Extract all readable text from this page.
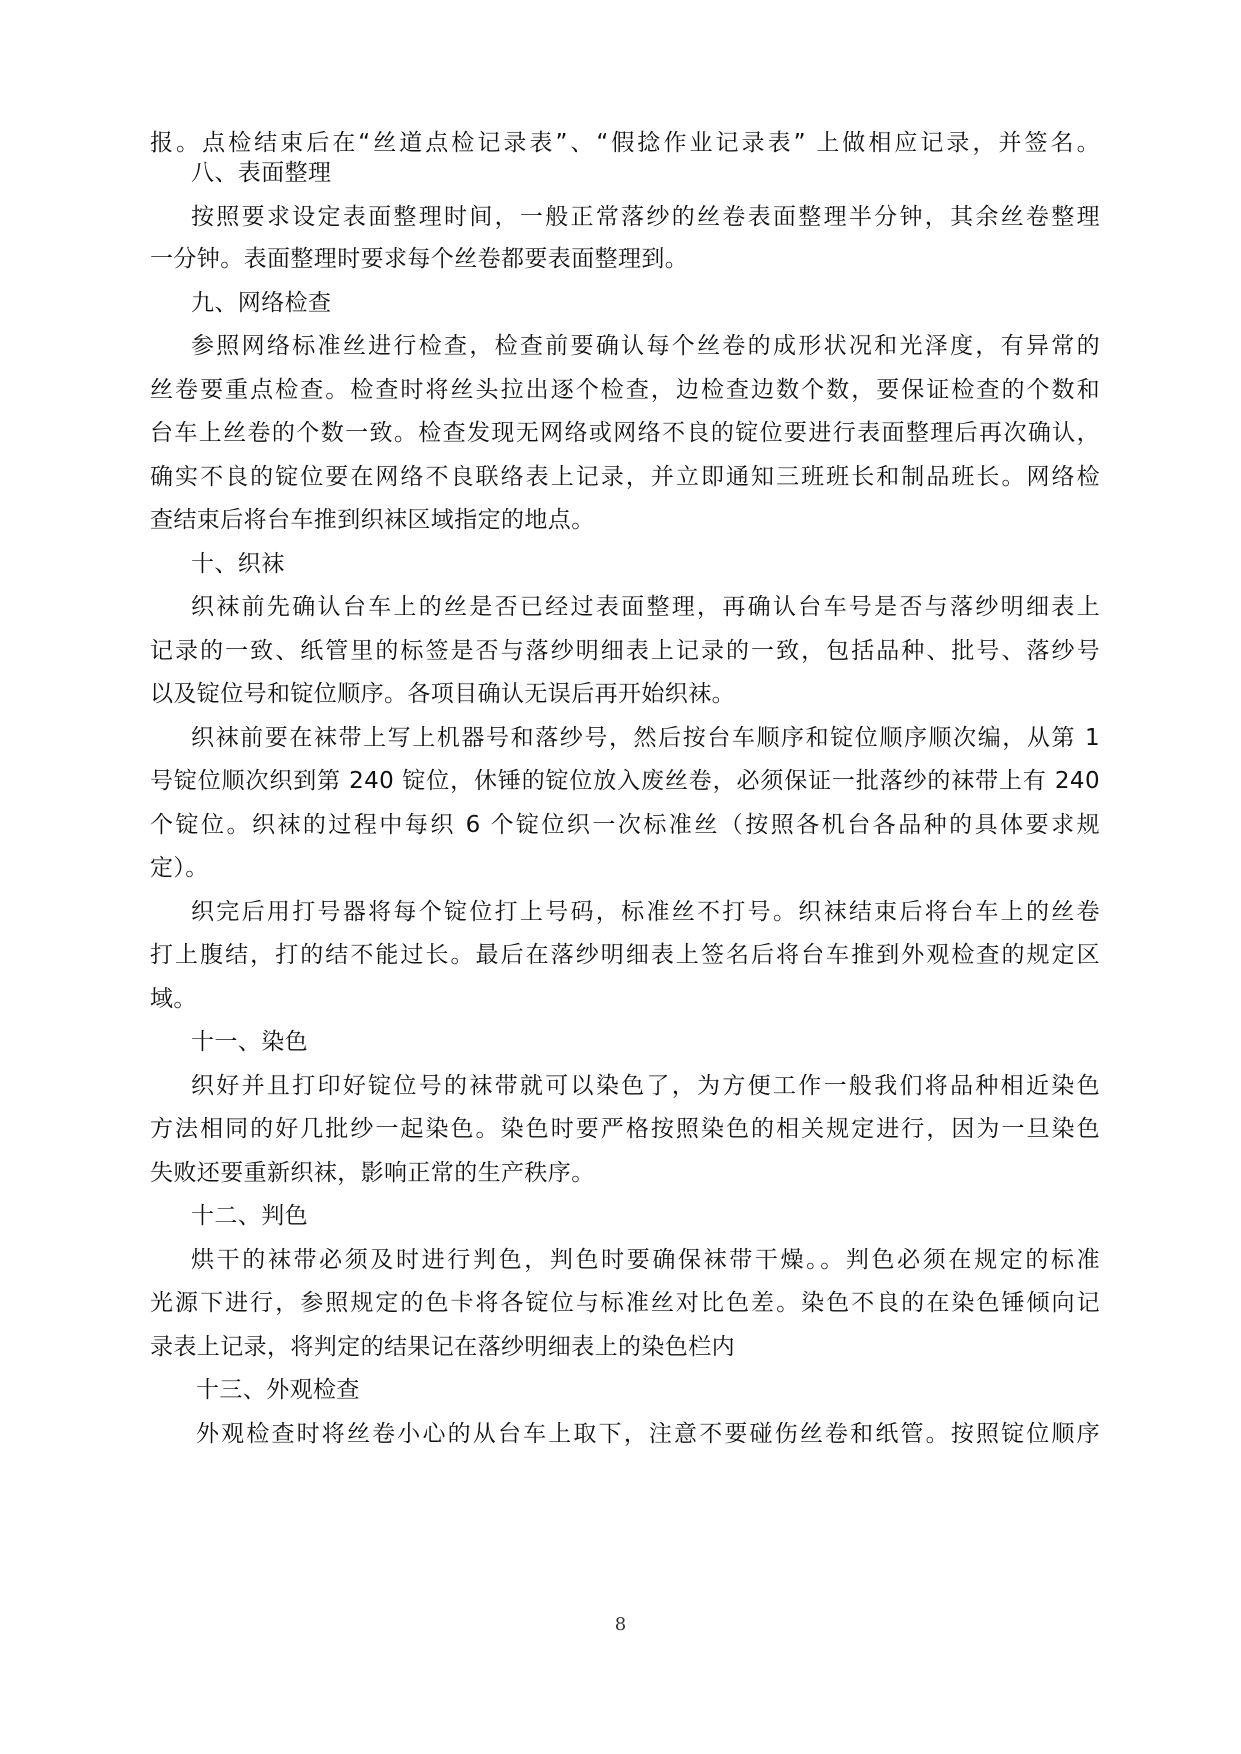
报。点检结束后在“丝道点检记录表”、“假捻作业记录表” 上做相应记录，并签名。
八、表面整理
按照要求设定表面整理时间，一般正常落纱的丝卷表面整理半分钟，其余丝卷整理
一分钟。表面整理时要求每个丝卷都要表面整理到。
九、网络检查
参照网络标准丝进行检查，检查前要确认每个丝卷的成形状况和光泽度，有异常的
丝卷要重点检查。检查时将丝头拉出逐个检查，边检查边数个数，要保证检查的个数和
台车上丝卷的个数一致。检查发现无网络或网络不良的锭位要进行表面整理后再次确认，
确实不良的锭位要在网络不良联络表上记录，并立即通知三班班长和制品班长。网络检
查结束后将台车推到织袜区域指定的地点。
十、织袜
织袜前先确认台车上的丝是否已经过表面整理，再确认台车号是否与落纱明细表上
记录的一致、纸管里的标签是否与落纱明细表上记录的一致，包括品种、批号、落纱号
以及锭位号和锭位顺序。各项目确认无误后再开始织袜。
织袜前要在袜带上写上机器号和落纱号，然后按台车顺序和锭位顺序顺次编，从第 1
号锭位顺次织到第 240 锭位，休锤的锭位放入废丝卷，必须保证一批落纱的袜带上有 240
个锭位。织袜的过程中每织 6 个锭位织一次标准丝（按照各机台各品种的具体要求规
定）。
织完后用打号器将每个锭位打上号码，标准丝不打号。织袜结束后将台车上的丝卷
打上腹结，打的结不能过长。最后在落纱明细表上签名后将台车推到外观检查的规定区
域。
十一、染色
织好并且打印好锭位号的袜带就可以染色了，为方便工作一般我们将品种相近染色
方法相同的好几批纱一起染色。染色时要严格按照染色的相关规定进行，因为一旦染色
失败还要重新织袜，影响正常的生产秩序。
十二、判色
烘干的袜带必须及时进行判色，判色时要确保袜带干燥。。判色必须在规定的标准
光源下进行，参照规定的色卡将各锭位与标准丝对比色差。染色不良的在染色锤倾向记
录表上记录，将判定的结果记在落纱明细表上的染色栏内
十三、外观检查
外观检查时将丝卷小心的从台车上取下，注意不要碰伤丝卷和纸管。按照锭位顺序
8
